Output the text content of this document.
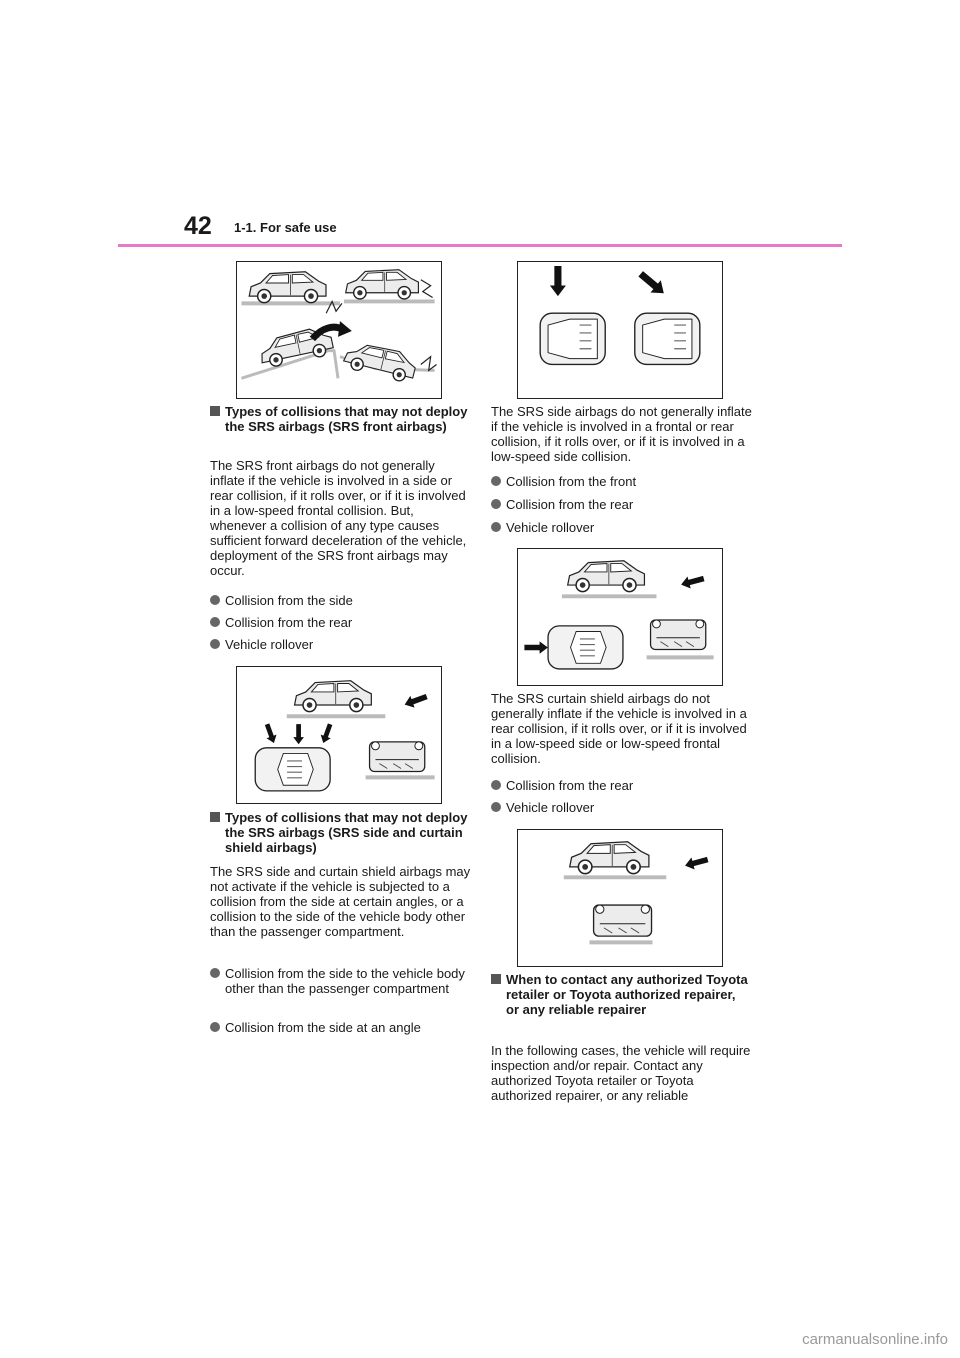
42 1-1. For safe use
Types of collisions that may not deploy the SRS airbags (SRS front airbags)
The SRS front airbags do not generally inflate if the vehicle is involved in a side or rear collision, if it rolls over, or if it is involved in a low-speed frontal collision. But, whenever a collision of any type causes sufficient forward deceleration of the vehicle, deployment of the SRS front airbags may occur.
Collision from the side
Collision from the rear
Vehicle rollover
Types of collisions that may not deploy the SRS airbags (SRS side and curtain shield airbags)
The SRS side and curtain shield airbags may not activate if the vehicle is subjected to a collision from the side at certain angles, or a collision to the side of the vehicle body other than the passenger compartment.
Collision from the side to the vehicle body other than the passenger compartment
Collision from the side at an angle
The SRS side airbags do not generally inflate if the vehicle is involved in a frontal or rear collision, if it rolls over, or if it is involved in a low-speed side collision.
Collision from the front
Collision from the rear
Vehicle rollover
The SRS curtain shield airbags do not generally inflate if the vehicle is involved in a rear collision, if it rolls over, or if it is involved in a low-speed side or low-speed frontal collision.
Collision from the rear
Vehicle rollover
When to contact any authorized Toyota retailer or Toyota authorized repairer, or any reliable repairer
In the following cases, the vehicle will require inspection and/or repair. Contact any authorized Toyota retailer or Toyota authorized repairer, or any reliable
carmanualsonline.info
